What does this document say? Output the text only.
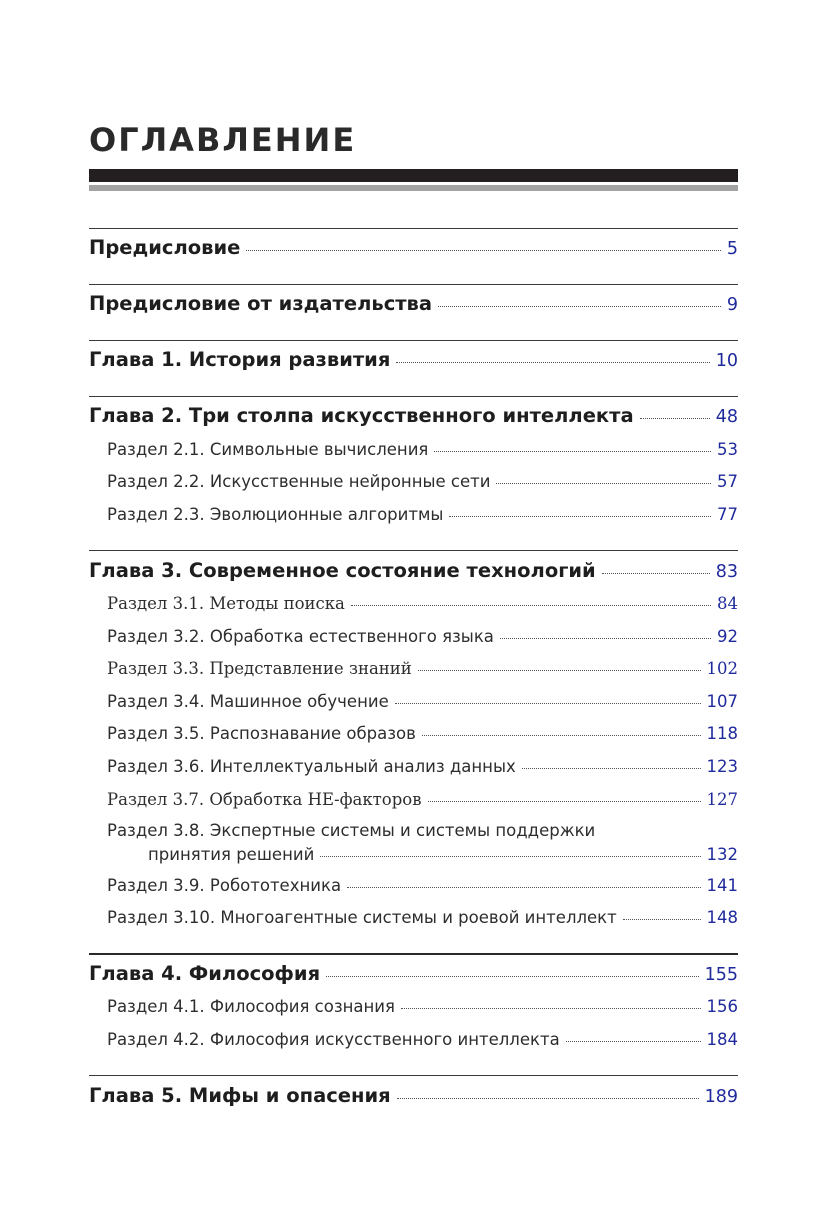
ОГЛАВЛЕНИЕ
Предисловие	5
Предисловие от издательства	9
Глава 1. История развития	10
Глава 2. Три столпа искусственного интеллекта	48
Раздел 2.1. Символьные вычисления	53
Раздел 2.2. Искусственные нейронные сети	57
Раздел 2.3. Эволюционные алгоритмы	77
Глава 3. Современное состояние технологий	83
Раздел 3.1. Методы поиска	84
Раздел 3.2. Обработка естественного языка	92
Раздел 3.3. Представление знаний	102
Раздел 3.4. Машинное обучение	107
Раздел 3.5. Распознавание образов	118
Раздел 3.6. Интеллектуальный анализ данных	123
Раздел 3.7. Обработка НЕ-факторов	127
Раздел 3.8. Экспертные системы и системы поддержки
принятия решений	132
Раздел 3.9. Робототехника	141
Раздел 3.10. Многоагентные системы и роевой интеллект	148
Глава 4. Философия	155
Раздел 4.1. Философия сознания	156
Раздел 4.2. Философия искусственного интеллекта	184
Глава 5. Мифы и опасения	189
